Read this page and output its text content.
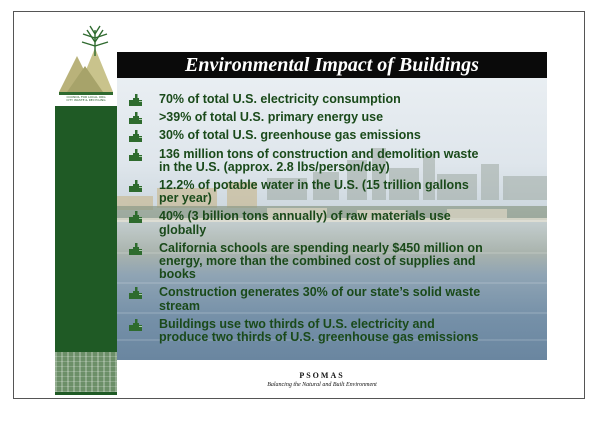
COUNCIL FOR LOCAL ORG
CITY WASTE & RECYCLING
Environmental Impact of Buildings
70% of total U.S. electricity consumption
>39% of total U.S. primary energy use
30% of total U.S. greenhouse gas emissions
136 million tons of construction and demolition waste
in the U.S. (approx. 2.8 lbs/person/day)
12.2% of potable water in the U.S. (15 trillion gallons
per year)
40% (3 billion tons annually) of raw materials use
globally
California schools are spending nearly $450 million on
energy, more than the combined cost of supplies and
books
Construction generates 30% of our state’s solid waste
stream
Buildings use two thirds of U.S. electricity and
produce two thirds of U.S. greenhouse gas emissions
PSOMAS
Balancing the Natural and Built Environment
